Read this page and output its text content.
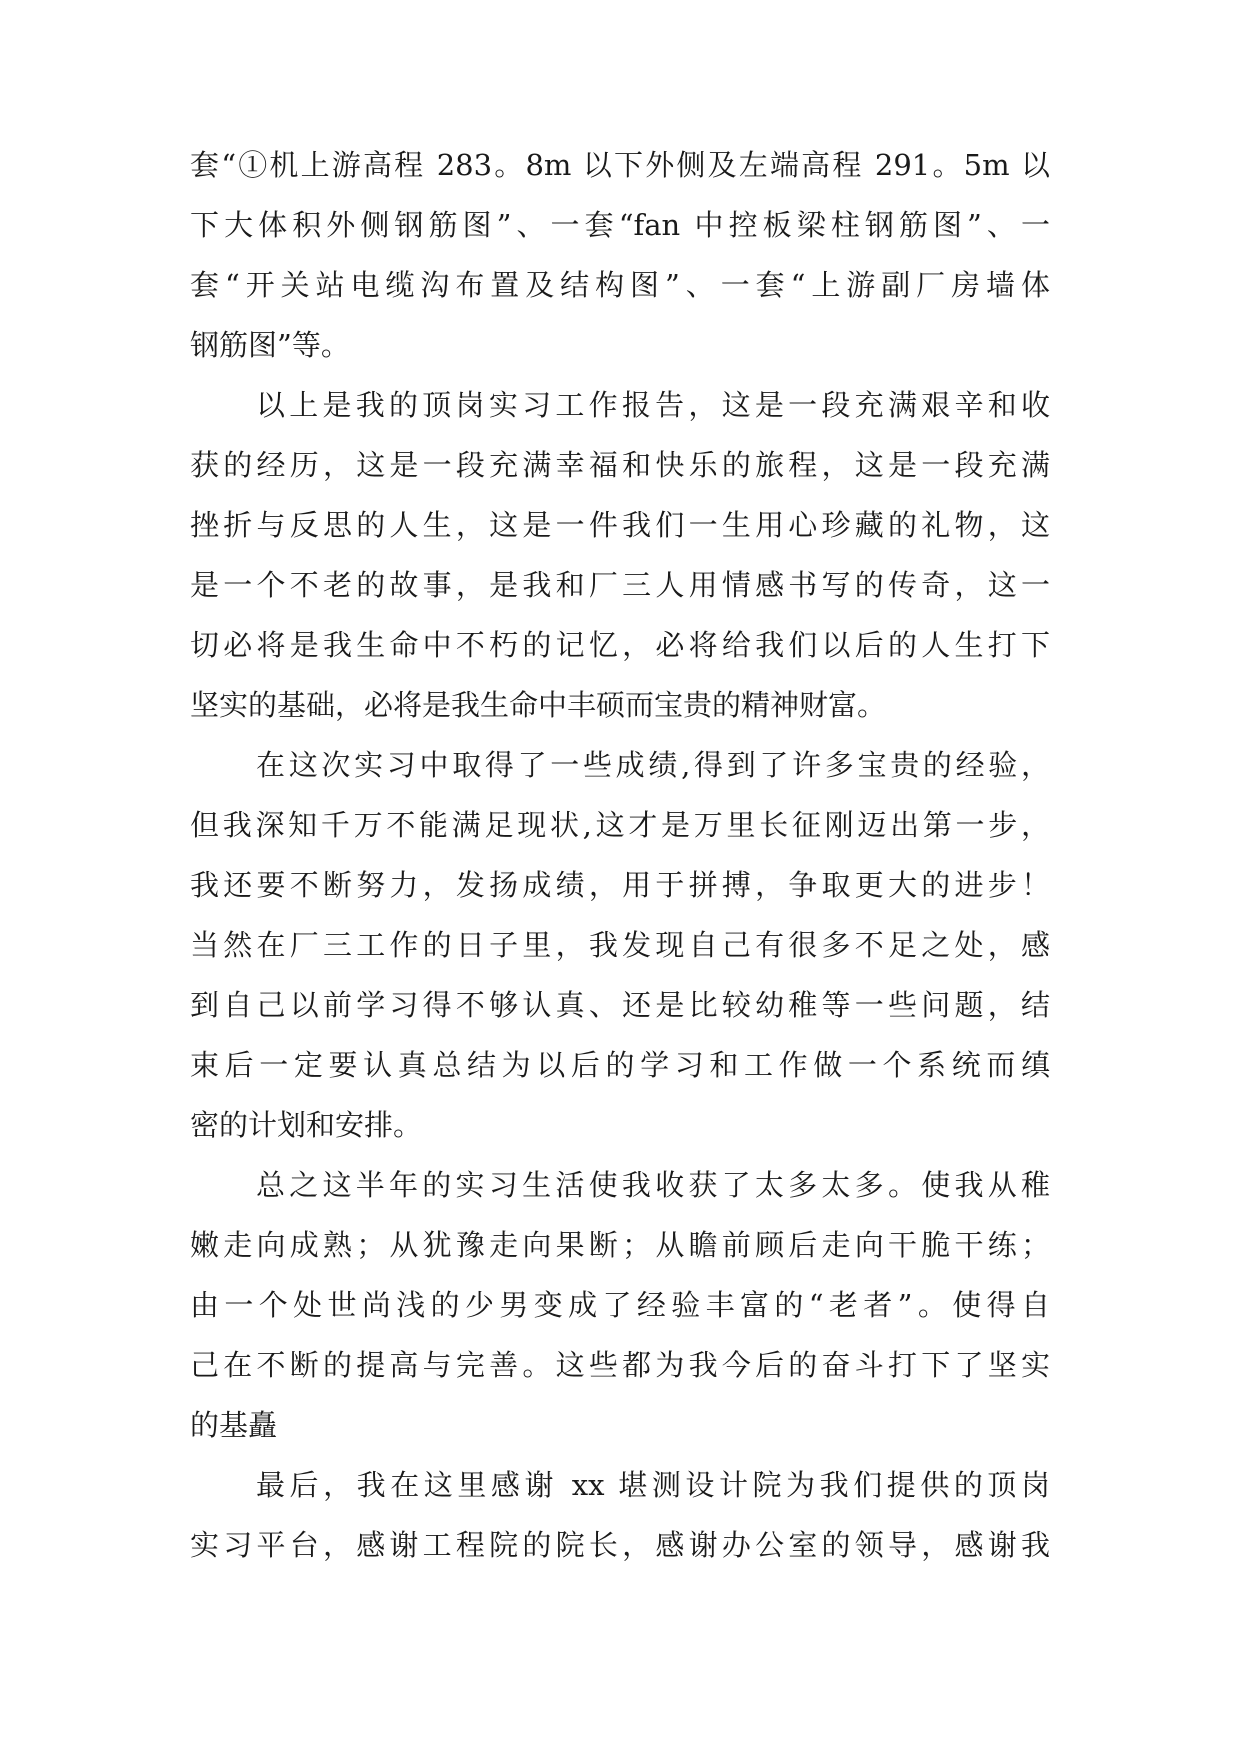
套“①机上游高程 283。8m 以下外侧及左端高程 291。5m 以
下大体积外侧钢筋图”、一套“fan 中控板梁柱钢筋图”、一
套“开关站电缆沟布置及结构图”、一套“上游副厂房墙体
钢筋图”等。
以上是我的顶岗实习工作报告，这是一段充满艰辛和收
获的经历，这是一段充满幸福和快乐的旅程，这是一段充满
挫折与反思的人生，这是一件我们一生用心珍藏的礼物，这
是一个不老的故事，是我和厂三人用情感书写的传奇，这一
切必将是我生命中不朽的记忆，必将给我们以后的人生打下
坚实的基础，必将是我生命中丰硕而宝贵的精神财富。
在这次实习中取得了一些成绩,得到了许多宝贵的经验，
但我深知千万不能满足现状,这才是万里长征刚迈出第一步，
我还要不断努力，发扬成绩，用于拼搏，争取更大的进步！
当然在厂三工作的日子里，我发现自己有很多不足之处，感
到自己以前学习得不够认真、还是比较幼稚等一些问题，结
束后一定要认真总结为以后的学习和工作做一个系统而缜
密的计划和安排。
总之这半年的实习生活使我收获了太多太多。使我从稚
嫩走向成熟；从犹豫走向果断；从瞻前顾后走向干脆干练；
由一个处世尚浅的少男变成了经验丰富的“老者”。使得自
己在不断的提高与完善。这些都为我今后的奋斗打下了坚实
的基矗
最后，我在这里感谢 xx 堪测设计院为我们提供的顶岗
实习平台，感谢工程院的院长，感谢办公室的领导，感谢我
